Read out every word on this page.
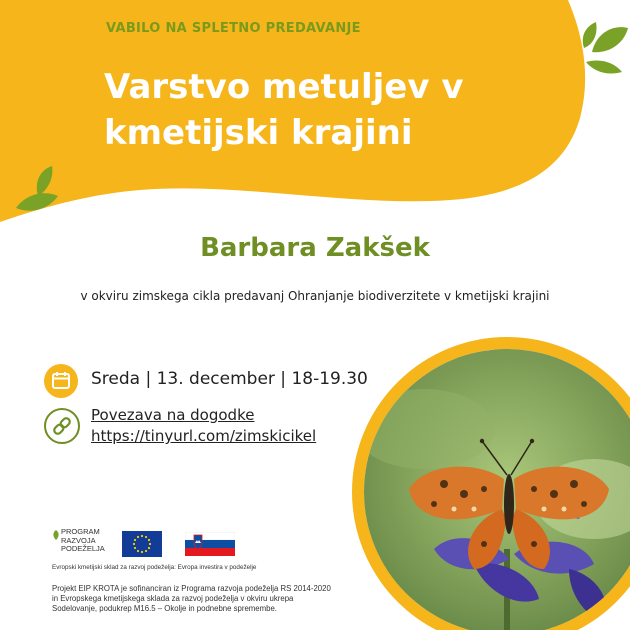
VABILO NA SPLETNO PREDAVANJE
Varstvo metuljev v kmetijski krajini
Barbara Zakšek
v okviru zimskega cikla predavanj Ohranjanje biodiverzitete v kmetijski krajini
Sreda | 13. december | 18-19.30
Povezava na dogodke
https://tinyurl.com/zimskicikel
PROGRAM
RAZVOJA
PODEŽELJA
Evropski kmetijski sklad za razvoj podeželja: Evropa investira v podeželje
Projekt EIP KROTA je sofinanciran iz Programa razvoja podeželja RS 2014-2020 in Evropskega kmetijskega sklada za razvoj podeželja v okviru ukrepa Sodelovanje, podukrep M16.5 – Okolje in podnebne spremembe.
